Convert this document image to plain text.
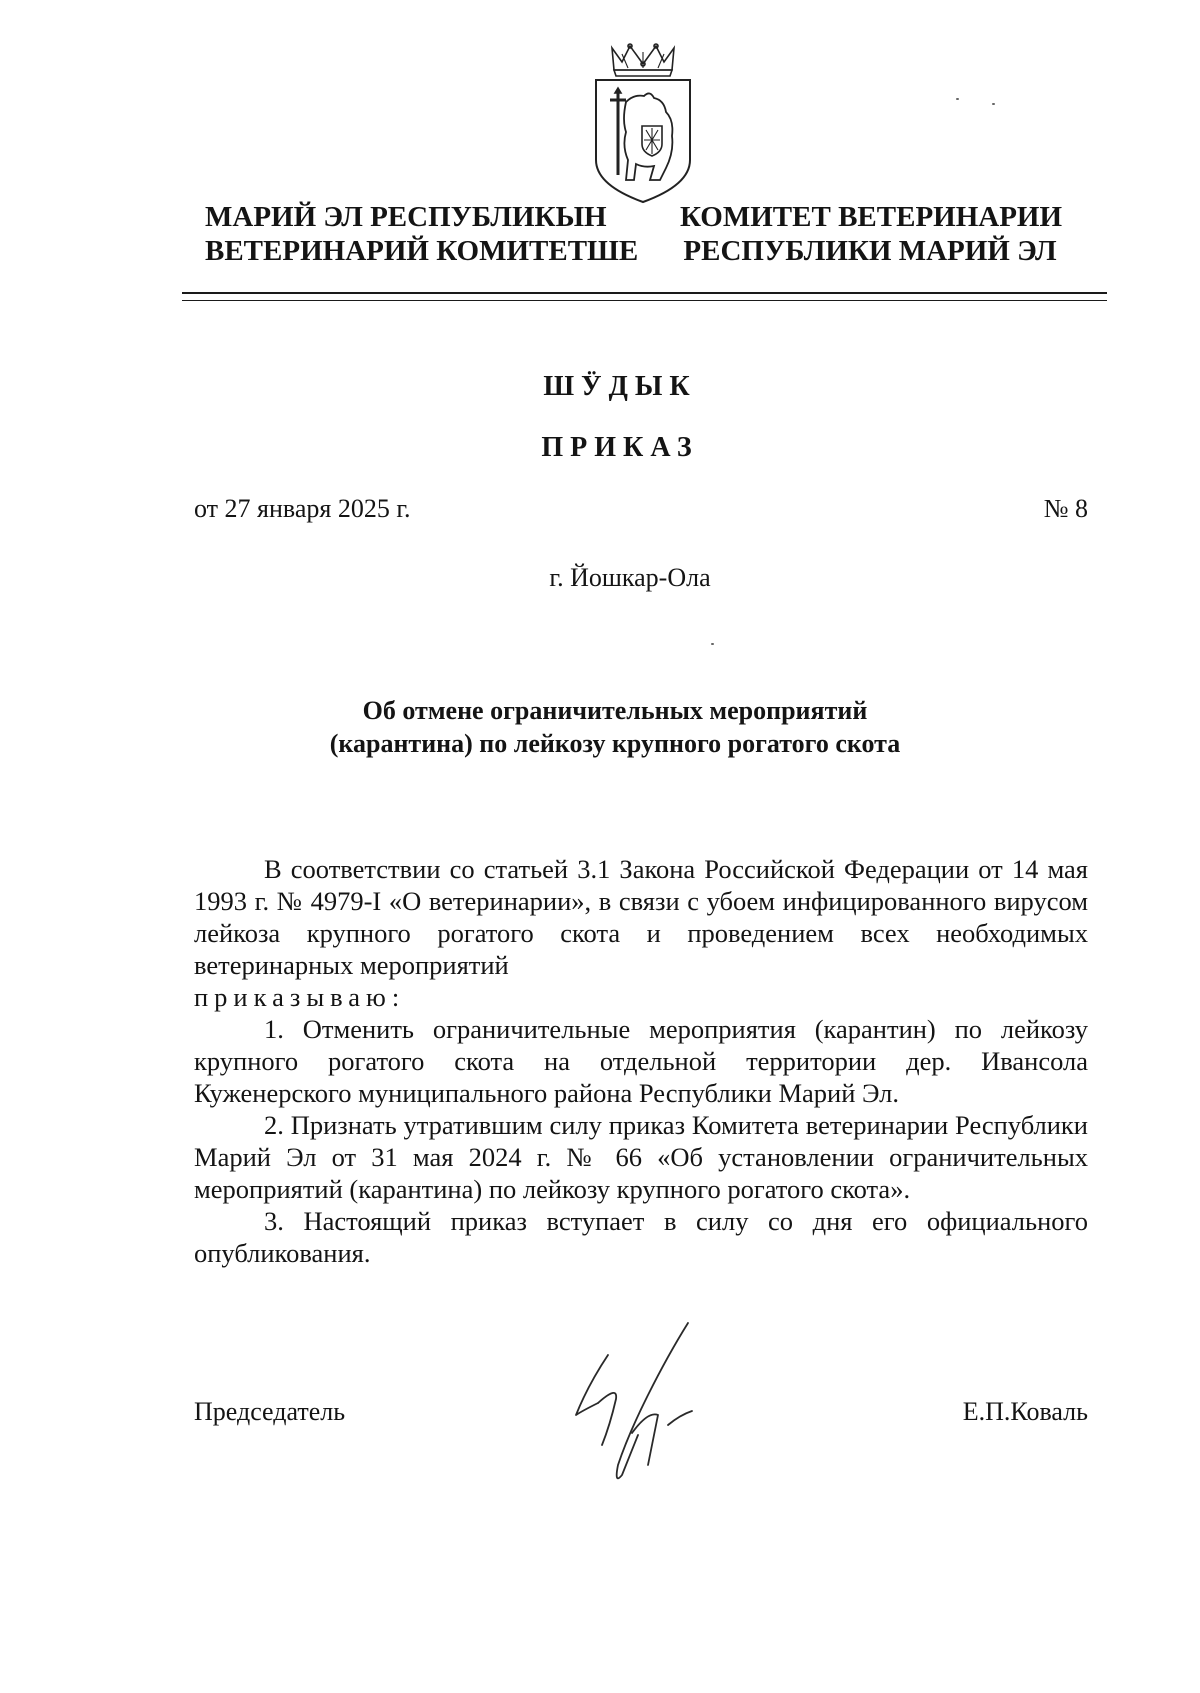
МАРИЙ ЭЛ РЕСПУБЛИКЫН
ВЕТЕРИНАРИЙ КОМИТЕТШЕ
КОМИТЕТ ВЕТЕРИНАРИИ
РЕСПУБЛИКИ МАРИЙ ЭЛ
ШӰДЫК
ПРИКАЗ
от 27 января 2025 г.	№ 8
г. Йошкар-Ола
Об отмене ограничительных мероприятий
(карантина) по лейкозу крупного рогатого скота

В соответствии со статьей 3.1 Закона Российской Федерации от 14 мая 1993 г. № 4979-I «О ветеринарии», в связи с убоем инфицированного вирусом лейкоза крупного рогатого скота и проведением всех необходимых ветеринарных мероприятий

приказываю:

1. Отменить ограничительные мероприятия (карантин) по лейкозу крупного рогатого скота на отдельной территории дер. Ивансола Куженерского муниципального района Республики Марий Эл.

2. Признать утратившим силу приказ Комитета ветеринарии Республики Марий Эл от 31 мая 2024 г. № 66 «Об установлении ограничительных мероприятий (карантина) по лейкозу крупного рогатого скота».

3. Настоящий приказ вступает в силу со дня его официального опубликования.

Председатель	Е.П.Коваль
